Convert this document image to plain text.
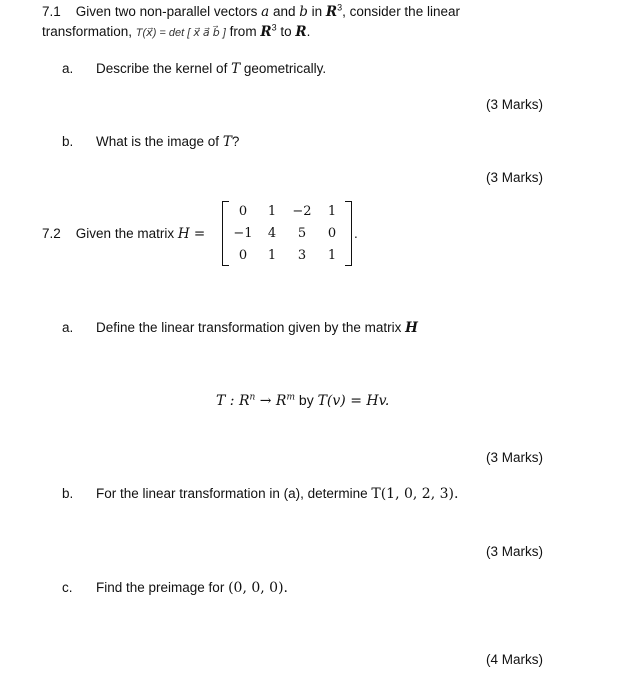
7.1 Given two non-parallel vectors a and b in $R^3$, consider the linear
transformation, T(x⃗) = det [ x⃗ a⃗ b⃗ ] from $R^3$ to R.
a. Describe the kernel of T geometrically.
(3 Marks)
b. What is the image of T?
(3 Marks)
7.2 Given the matrix H =
0	1	−2	1
−1	4	5	0
0	1	3	1
.
a. Define the linear transformation given by the matrix H
T : $R^n \to R^m$ by T(v) = Hv.
(3 Marks)
b. For the linear transformation in (a), determine T(1, 0, 2, 3).
(3 Marks)
c. Find the preimage for (0, 0, 0).
(4 Marks)
